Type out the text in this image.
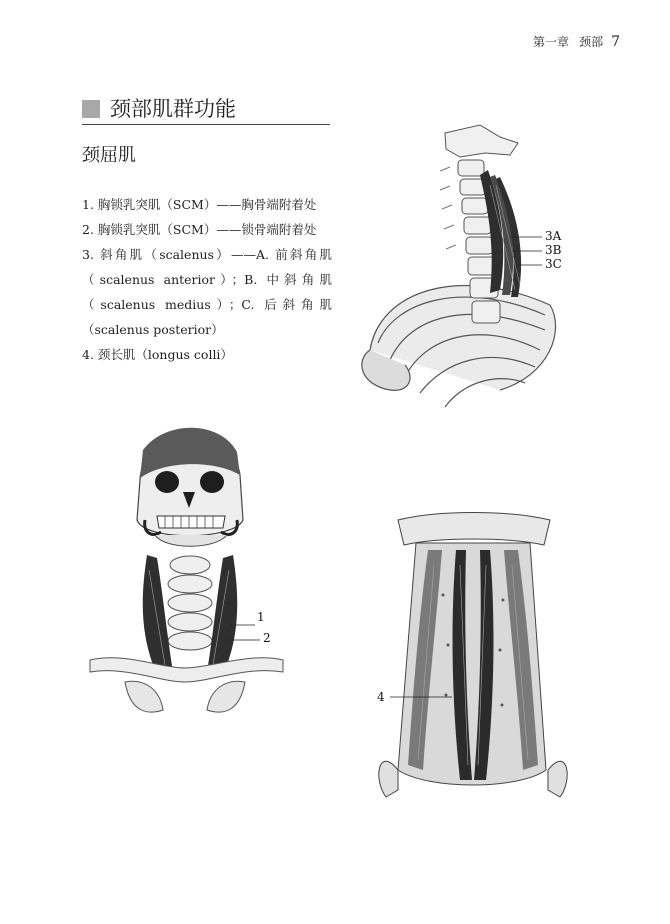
第一章 颈部 7
颈部肌群功能
颈屈肌
1. 胸锁乳突肌（SCM）——胸骨端附着处
2. 胸锁乳突肌（SCM）——锁骨端附着处
3. 斜角肌（scalenus）——A. 前斜角肌（scalenus anterior）；B. 中斜角肌（scalenus medius）；C. 后斜角肌（scalenus posterior）
4. 颈长肌（longus colli）
3A
3B
3C
1
2
4
